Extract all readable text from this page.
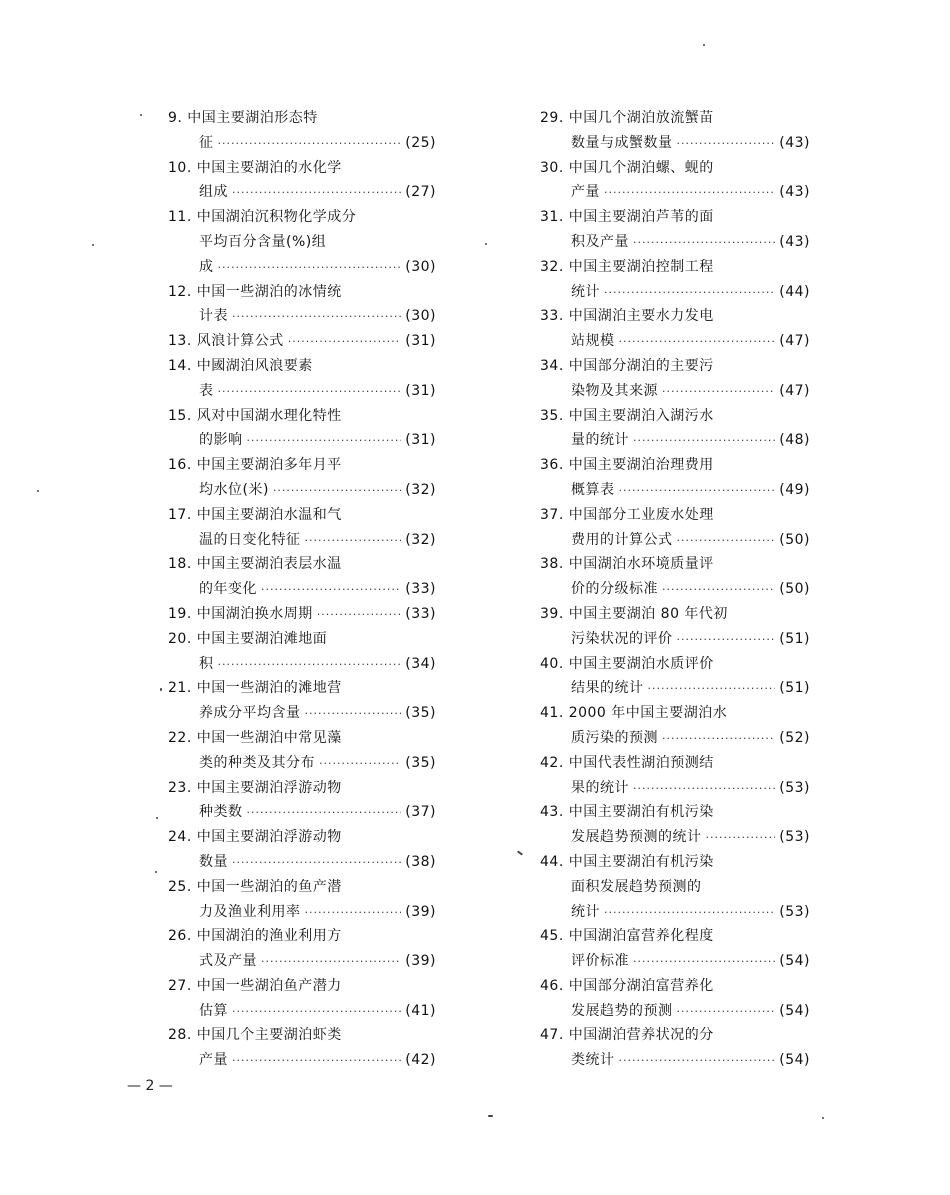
9. 中国主要湖泊形态特
征 ·····	(25)
10. 中国主要湖泊的水化学
组成 ·····	(27)
11. 中国湖泊沉积物化学成分
平均百分含量(%)组
成 ·····	(30)
12. 中国一些湖泊的冰情统
计表 ·····	(30)
13. 风浪计算公式 ·····	(31)
14. 中國湖泊风浪要素
表 ·····	(31)
15. 风对中国湖水理化特性
的影响 ·····	(31)
16. 中国主要湖泊多年月平
均水位(米) ·····	(32)
17. 中国主要湖泊水温和气
温的日变化特征 ·····	(32)
18. 中国主要湖泊表层水温
的年变化 ·····	(33)
19. 中国湖泊换水周期 ·····	(33)
20. 中国主要湖泊滩地面
积 ·····	(34)
21. 中国一些湖泊的滩地营
养成分平均含量 ·····	(35)
22. 中国一些湖泊中常见藻
类的种类及其分布 ·····	(35)
23. 中国主要湖泊浮游动物
种类数 ·····	(37)
24. 中国主要湖泊浮游动物
数量 ·····	(38)
25. 中国一些湖泊的鱼产潜
力及渔业利用率 ·····	(39)
26. 中国湖泊的渔业利用方
式及产量 ·····	(39)
27. 中国一些湖泊鱼产潜力
估算 ·····	(41)
28. 中国几个主要湖泊虾类
产量 ·····	(42)
29. 中国几个湖泊放流蟹苗
数量与成蟹数量 ·····	(43)
30. 中国几个湖泊螺、蚬的
产量 ·····	(43)
31. 中国主要湖泊芦苇的面
积及产量 ·····	(43)
32. 中国主要湖泊控制工程
统计 ·····	(44)
33. 中国湖泊主要水力发电
站规模 ·····	(47)
34. 中国部分湖泊的主要污
染物及其来源 ·····	(47)
35. 中国主要湖泊入湖污水
量的统计 ·····	(48)
36. 中国主要湖泊治理费用
概算表 ·····	(49)
37. 中国部分工业废水处理
费用的计算公式 ·····	(50)
38. 中国湖泊水环境质量评
价的分级标准 ·····	(50)
39. 中国主要湖泊 80 年代初
污染状况的评价 ·····	(51)
40. 中国主要湖泊水质评价
结果的统计 ·····	(51)
41. 2000 年中国主要湖泊水
质污染的预测 ·····	(52)
42. 中国代表性湖泊预测结
果的统计 ·····	(53)
43. 中国主要湖泊有机污染
发展趋势预测的统计 ·····	(53)
44. 中国主要湖泊有机污染
面积发展趋势预测的
统计 ·····	(53)
45. 中国湖泊富营养化程度
评价标准 ·····	(54)
46. 中国部分湖泊富营养化
发展趋势的预测 ·····	(54)
47. 中国湖泊营养状况的分
类统计 ·····	(54)
— 2 —
